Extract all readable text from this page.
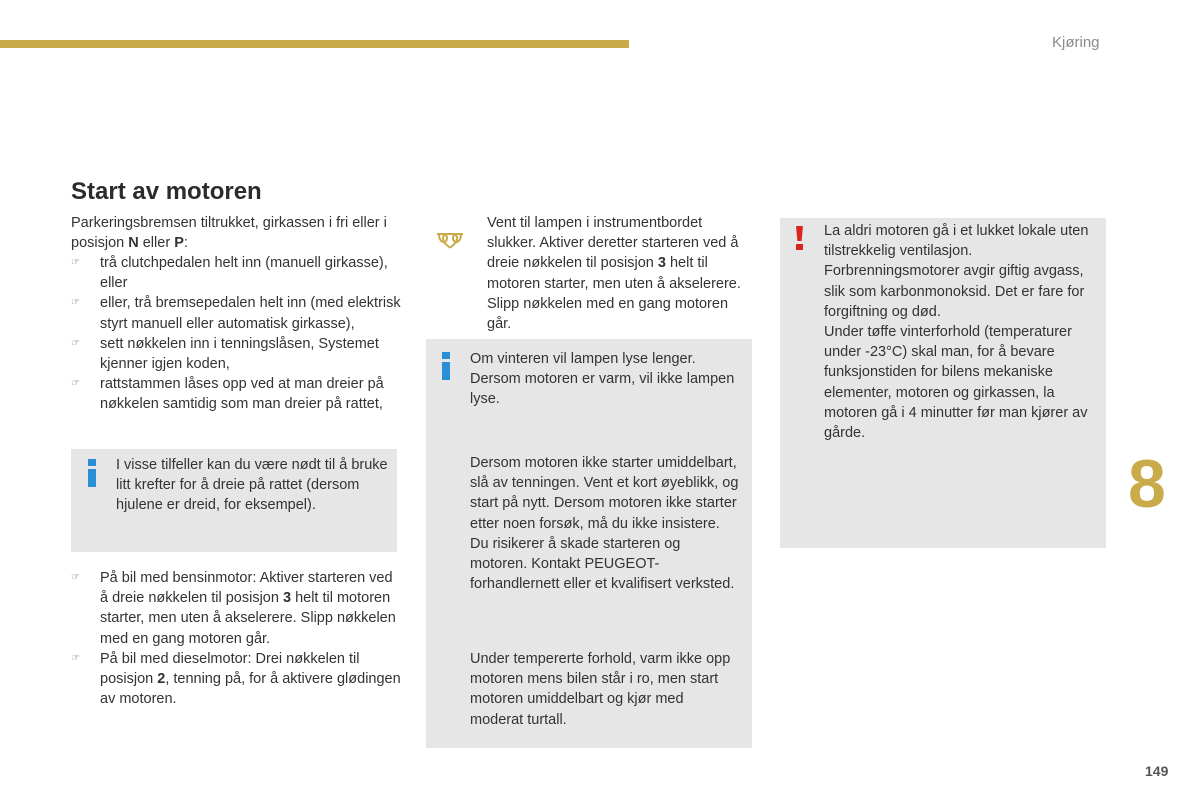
Kjøring
Start av motoren

Parkeringsbremsen tiltrukket, girkassen i fri eller i posisjon N eller P:

☞ trå clutchpedalen helt inn (manuell girkasse), eller
☞ eller, trå bremsepedalen helt inn (med elektrisk styrt manuell eller automatisk girkasse),
☞ sett nøkkelen inn i tenningslåsen, Systemet kjenner igjen koden,
☞ rattstammen låses opp ved at man dreier på nøkkelen samtidig som man dreier på rattet,

I visse tilfeller kan du være nødt til å bruke litt krefter for å dreie på rattet (dersom hjulene er dreid, for eksempel).

☞ På bil med bensinmotor: Aktiver starteren ved å dreie nøkkelen til posisjon 3 helt til motoren starter, men uten å akselerere. Slipp nøkkelen med en gang motoren går.
☞ På bil med dieselmotor: Drei nøkkelen til posisjon 2, tenning på, for å aktivere glødingen av motoren.

Vent til lampen i instrumentbordet slukker. Aktiver deretter starteren ved å dreie nøkkelen til posisjon 3 helt til motoren starter, men uten å akselerere. Slipp nøkkelen med en gang motoren går.

Om vinteren vil lampen lyse lenger. Dersom motoren er varm, vil ikke lampen lyse.

Dersom motoren ikke starter umiddelbart, slå av tenningen. Vent et kort øyeblikk, og start på nytt. Dersom motoren ikke starter etter noen forsøk, må du ikke insistere. Du risikerer å skade starteren og motoren. Kontakt PEUGEOT-forhandlernett eller et kvalifisert verksted.

Under tempererte forhold, varm ikke opp motoren mens bilen står i ro, men start motoren umiddelbart og kjør med moderat turtall.

La aldri motoren gå i et lukket lokale uten tilstrekkelig ventilasjon. Forbrenningsmotorer avgir giftig avgass, slik som karbonmonoksid. Det er fare for forgiftning og død.

Under tøffe vinterforhold (temperaturer under -23°C) skal man, for å bevare funksjonstiden for bilens mekaniske elementer, motoren og girkassen, la motoren gå i 4 minutter før man kjører av gårde.

8
149
